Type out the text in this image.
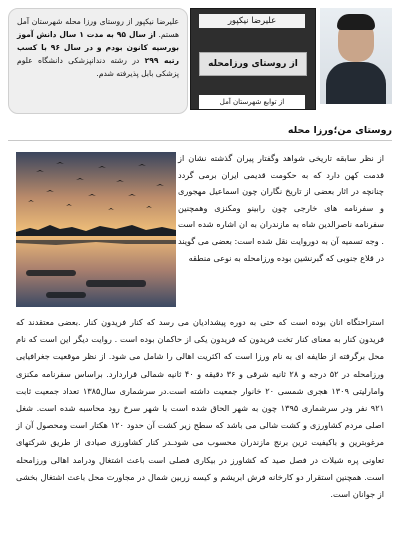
علیرضا نیکپور
از روستای ورزامحله
از توابع شهرستان آمل
علیرضا نیکپور از روستای ورزا محله شهرستان آمل هستم. از سال ۹۵ به مدت ۱ سال دانش آموز بورسیه کانون بودم و در سال ۹۶ با کسب رتبه ۲۹۹ در رشته دندانپزشکی دانشگاه علوم پزشکی بابل پذیرفته شدم.
روستای من؛ورزا محله

از نظر سابقه تاریخی شواهد وگفتار پیران گذشته نشان از قدمت کهن دارد که به حکومت قدیمی ایران برمی گردد چنانچه در اثار بعضی از تاریخ نگاران چون اسماعیل مهجوری و سفرنامه های خارجی چون رابینو ومکنزی وهمچنین سفرنامه ناصرالدین شاه به مازندران به ان اشاره شده است . وجه تسمیه آن به دوروایت نقل شده است: بعضی می گویند در قلاع جنوبی که گبرنشین بوده ورزامحله به نوعی منطقه

استراحتگاه انان بوده است که حتی به دوره پیشدادیان می رسد که کنار فریدون کنار .بعضی معتقدند که فریدون کنار به معنای کنار تخت فریدون که فریدون یکی از حاکمان بوده است . روایت دیگر این است که نام محل برگرفته از طایفه ای به نام ورزا است که اکثریت اهالی را شامل می شود. از نظر موقعیت جغرافیایی ورزامحله در ۵۲ درجه و ۲۸ ثانیه شرقی و ۳۶ دقیقه و ۴۰ ثانیه شمالی قراردارد. براساس سفرنامه مکنزی وامارلیتی ۱۳۰۹ هجری شمسی ۲۰ خانوار جمعیت داشته است.در سرشماری سال۱۳۸۵ تعداد جمعیت ثابت ۹۲۱ نفر ودر سرشماری ۱۳۹۵ چون به شهر الحاق شده است با شهر سرخ رود محاسبه شده است. شغل اصلی مردم کشاورزی و کشت شالی می باشد که سطح زیر کشت آن حدود ۱۲۰ هکتار است ومحصول آن از مرغوبترین و باکیفیت ترین برنج مازندران محسوب می شودـدر کنار کشاورزی صیادی از طریق شرکتهای تعاونی پره شیلات در فصل صید که کشاورز در بیکاری فصلی است باعث اشتغال ودرامد اهالی ورزامحله است. همچنین استقرار دو کارخانه فرش ابریشم و کیسه زربین شمال در مجاورت محل باعث اشتغال بخشی از جوانان است.
